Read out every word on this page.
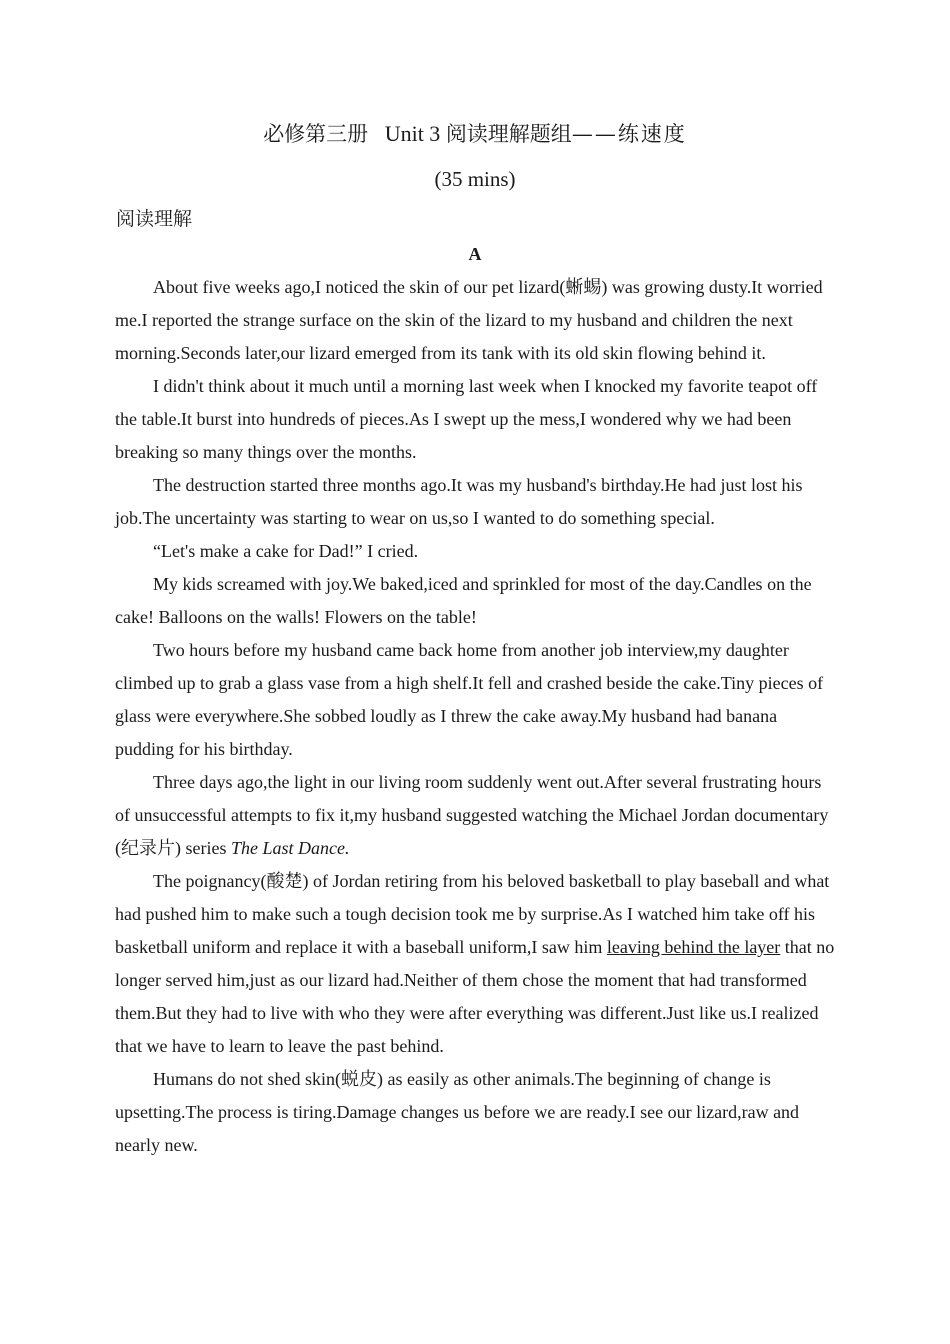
必修第三册 Unit 3 阅读理解题组——练速度
(35 mins)
阅读理解
A

About five weeks ago,I noticed the skin of our pet lizard(蜥蜴) was growing dusty.It worried me.I reported the strange surface on the skin of the lizard to my husband and children the next morning.Seconds later,our lizard emerged from its tank with its old skin flowing behind it.

I didn't think about it much until a morning last week when I knocked my favorite teapot off the table.It burst into hundreds of pieces.As I swept up the mess,I wondered why we had been breaking so many things over the months.

The destruction started three months ago.It was my husband's birthday.He had just lost his job.The uncertainty was starting to wear on us,so I wanted to do something special.

“Let's make a cake for Dad!” I cried.

My kids screamed with joy.We baked,iced and sprinkled for most of the day.Candles on the cake! Balloons on the walls! Flowers on the table!

Two hours before my husband came back home from another job interview,my daughter climbed up to grab a glass vase from a high shelf.It fell and crashed beside the cake.Tiny pieces of glass were everywhere.She sobbed loudly as I threw the cake away.My husband had banana pudding for his birthday.

Three days ago,the light in our living room suddenly went out.After several frustrating hours of unsuccessful attempts to fix it,my husband suggested watching the Michael Jordan documentary (纪录片) series The Last Dance.

The poignancy(酸楚) of Jordan retiring from his beloved basketball to play baseball and what had pushed him to make such a tough decision took me by surprise.As I watched him take off his basketball uniform and replace it with a baseball uniform,I saw him leaving behind the layer that no longer served him,just as our lizard had.Neither of them chose the moment that had transformed them.But they had to live with who they were after everything was different.Just like us.I realized that we have to learn to leave the past behind.

Humans do not shed skin(蜕皮) as easily as other animals.The beginning of change is upsetting.The process is tiring.Damage changes us before we are ready.I see our lizard,raw and nearly new.
